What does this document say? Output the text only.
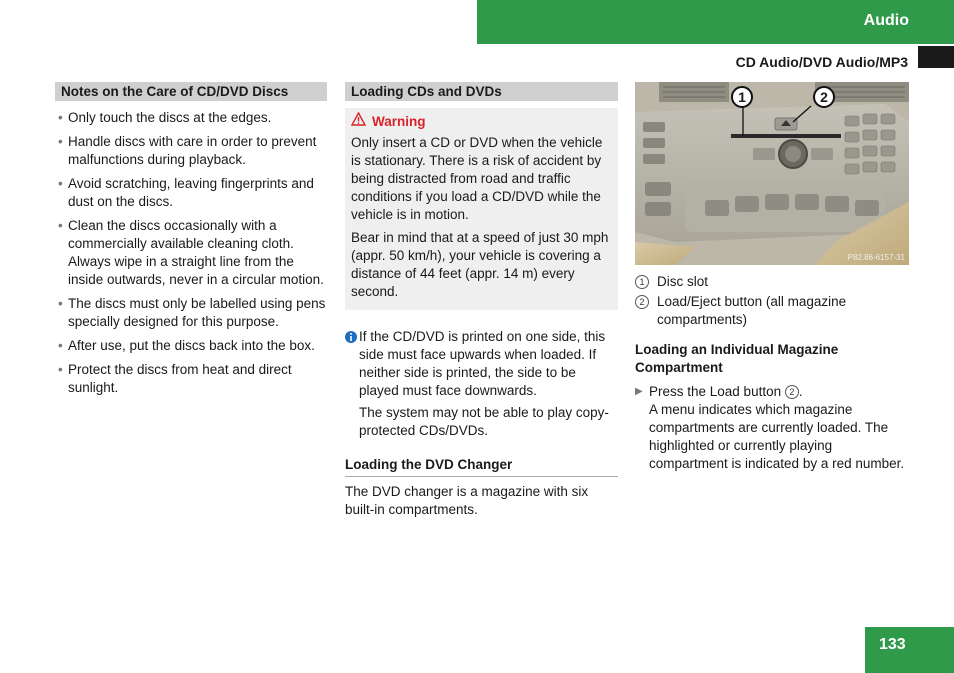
Audio
CD Audio/DVD Audio/MP3
Notes on the Care of CD/DVD Discs
• Only touch the discs at the edges.
• Handle discs with care in order to prevent malfunctions during playback.
• Avoid scratching, leaving fingerprints and dust on the discs.
• Clean the discs occasionally with a commercially available cleaning cloth. Always wipe in a straight line from the inside outwards, never in a circular motion.
• The discs must only be labelled using pens specially designed for this purpose.
• After use, put the discs back into the box.
• Protect the discs from heat and direct sunlight.
Loading CDs and DVDs
Warning

Only insert a CD or DVD when the vehicle is stationary. There is a risk of accident by being distracted from road and traffic conditions if you load a CD/DVD while the vehicle is in motion.

Bear in mind that at a speed of just 30 mph (appr. 50 km/h), your vehicle is covering a distance of 44 feet (appr. 14 m) every second.

If the CD/DVD is printed on one side, this side must face upwards when loaded. If neither side is printed, the side to be played must face downwards.

The system may not be able to play copy-protected CDs/DVDs.

Loading the DVD Changer
The DVD changer is a magazine with six built-in compartments.
1	2
P82.86-6157-31
1 Disc slot
2 Load/Eject button (all magazine compartments)
Loading an Individual Magazine Compartment
▶ Press the Load button 2 .
A menu indicates which magazine compartments are currently loaded. The highlighted or currently playing compartment is indicated by a red number.
133
